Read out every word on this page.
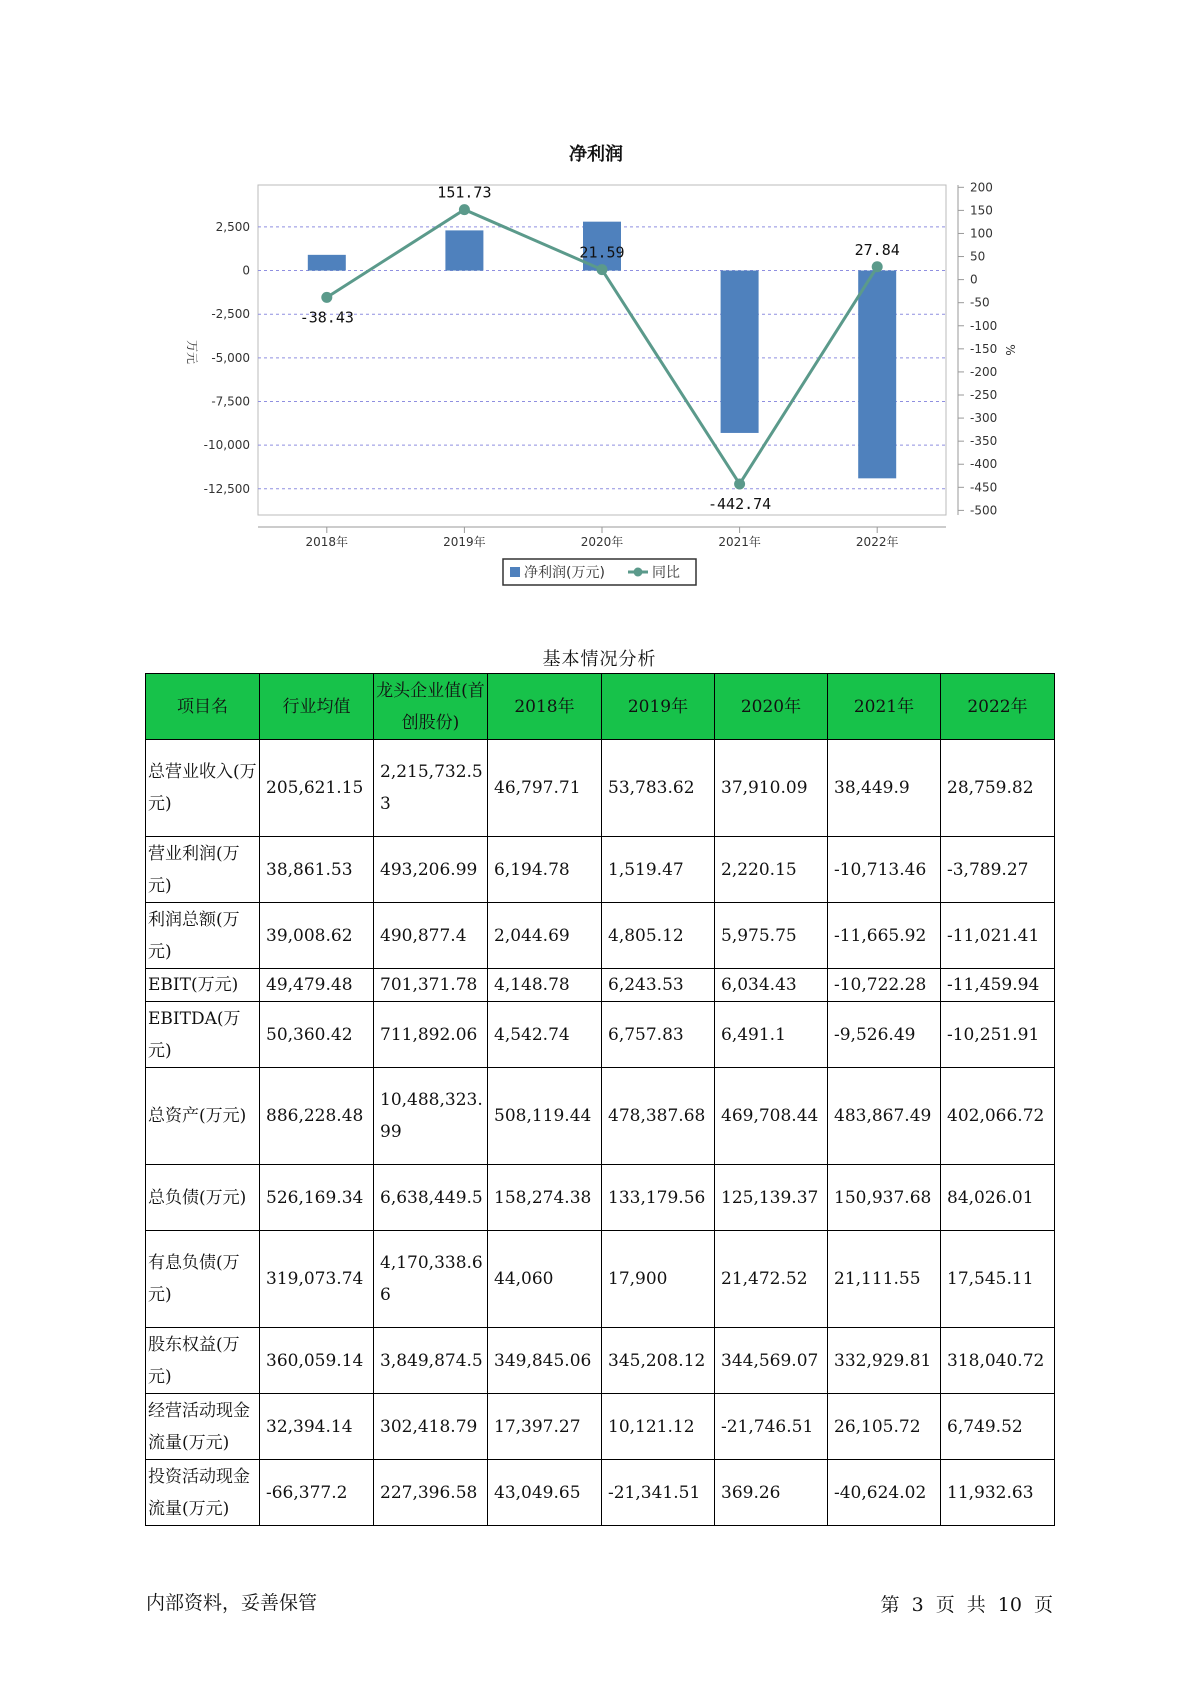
净利润
2,500
0
-2,500
-5,000
-7,500
-10,000
-12,500
200
150
100
50
0
-50
-100
-150
-200
-250
-300
-350
-400
-450
-500
-38.43
151.73
21.59
-442.74
27.84
2018年	2019年	2020年	2021年	2022年
万元	%
净利润(万元)	同比
基本情况分析
项目名	行业均值	龙头企业值(首创股份)	2018年	2019年	2020年	2021年	2022年
总营业收入(万元)	205,621.15	2,215,732.53	46,797.71	53,783.62	37,910.09	38,449.9	28,759.82
营业利润(万元)	38,861.53	493,206.99	6,194.78	1,519.47	2,220.15	-10,713.46	-3,789.27
利润总额(万元)	39,008.62	490,877.4	2,044.69	4,805.12	5,975.75	-11,665.92	-11,021.41
EBIT(万元)	49,479.48	701,371.78	4,148.78	6,243.53	6,034.43	-10,722.28	-11,459.94
EBITDA(万元)	50,360.42	711,892.06	4,542.74	6,757.83	6,491.1	-9,526.49	-10,251.91
总资产(万元)	886,228.48	10,488,323.99	508,119.44	478,387.68	469,708.44	483,867.49	402,066.72
总负债(万元)	526,169.34	6,638,449.5	158,274.38	133,179.56	125,139.37	150,937.68	84,026.01
有息负债(万元)	319,073.74	4,170,338.66	44,060	17,900	21,472.52	21,111.55	17,545.11
股东权益(万元)	360,059.14	3,849,874.5	349,845.06	345,208.12	344,569.07	332,929.81	318,040.72
经营活动现金流量(万元)	32,394.14	302,418.79	17,397.27	10,121.12	-21,746.51	26,105.72	6,749.52
投资活动现金流量(万元)	-66,377.2	227,396.58	43,049.65	-21,341.51	369.26	-40,624.02	11,932.63
内部资料，妥善保管	第 3 页 共 10 页
